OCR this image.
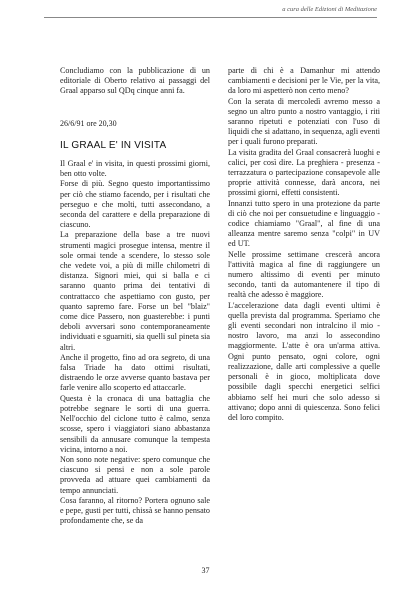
a cura delle Edizioni di Meditazione

Concludiamo con la pubblicazione di un editoriale di Oberto relativo ai passaggi del Graal apparso sul QDq cinque anni fa.

26/6/91 ore 20,30
IL GRAAL E' IN VISITA

Il Graal e' in visita, in questi prossimi giorni, ben otto volte.

Forse di più. Segno questo importantissimo per ciò che stiamo facendo, per i risultati che perseguo e che molti, tutti assecondano, a seconda del carattere e della preparazione di ciascuno.

La preparazione della base a tre nuovi strumenti magici prosegue intensa, mentre il sole ormai tende a scendere, lo stesso sole che vedete voi, a più di mille chilometri di distanza. Signori miei, qui si balla e ci saranno quanto prima dei tentativi di contrattacco che aspettiamo con gusto, per quanto sapremo fare. Forse un bel "blaiz" come dice Passero, non guasterebbe: i punti deboli avversari sono contemporaneamente individuati e sguarniti, sia quelli sul pineta sia altri.

Anche il progetto, fino ad ora segreto, di una falsa Triade ha dato ottimi risultati, distraendo le orze avverse quanto bastava per farle venire allo scoperto ed attaccarle.

Questa è la cronaca di una battaglia che potrebbe segnare le sorti di una guerra. Nell'occhio del ciclone tutto è calmo, senza scosse, spero i viaggiatori siano abbastanza sensibili da annusare comunque la tempesta vicina, intorno a noi.

Non sono note negative: spero comunque che ciascuno si pensi e non a sole parole provveda ad attuare quei cambiamenti da tempo annunciati.

Cosa faranno, al ritorno? Portera ognuno sale e pepe, gusti per tutti, chissà se hanno pensato profondamente che, se da

parte di chi è a Damanhur mi attendo cambiamenti e decisioni per le Vie, per la vita, da loro mi aspetterò non certo meno?

Con la serata di mercoledì avremo messo a segno un altro punto a nostro vantaggio, i riti saranno ripetuti e potenziati con l'uso di liquidi che si adattano, in sequenza, agli eventi per i quali furono preparati.

La visita gradita del Graal consacrerà luoghi e calici, per così dire. La preghiera - presenza - terrazzatura o partecipazione consapevole alle proprie attività connesse, darà ancora, nei prossimi giorni, effetti consistenti.

Innanzi tutto spero in una protezione da parte di ciò che noi per consuetudine e linguaggio - codice chiamiamo "Graal", al fine di una alleanza mentre saremo senza "colpi" in UV ed UT.

Nelle prossime settimane crescerà ancora l'attività magica al fine di raggiungere un numero altissimo di eventi per minuto secondo, tanti da automantenere il tipo di realtà che adesso è maggiore.

L'accelerazione data dagli eventi ultimi è quella prevista dal programma. Speriamo che gli eventi secondari non intralcino il mio - nostro lavoro, ma anzi lo assecondino maggiormente. L'atte è ora un'arma attiva. Ogni punto pensato, ogni colore, ogni realizzazione, dalle arti complessive a quelle personali è in gioco, moltiplicata dove possibile dagli specchi energetici selfici abbiamo self hei muri che solo adesso si attivano; dopo anni di quiescenza. Sono felici del loro compito.

37
